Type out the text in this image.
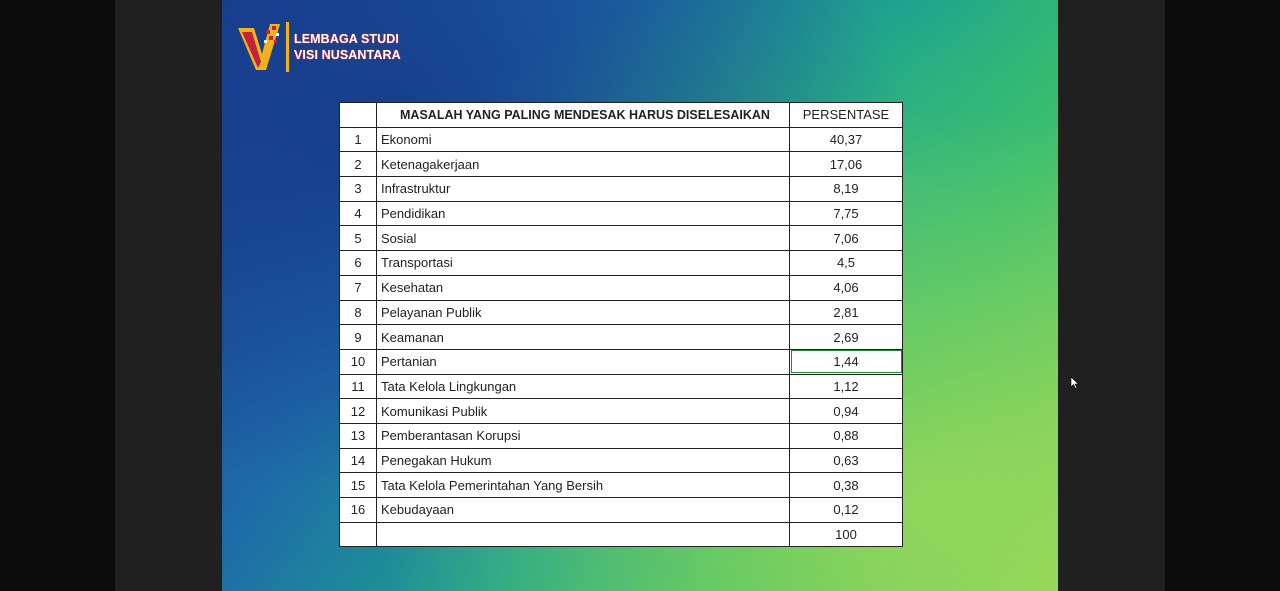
LEMBAGA STUDI
VISI NUSANTARA
	MASALAH YANG PALING MENDESAK HARUS DISELESAIKAN	PERSENTASE
1	Ekonomi	40,37
2	Ketenagakerjaan	17,06
3	Infrastruktur	8,19
4	Pendidikan	7,75
5	Sosial	7,06
6	Transportasi	4,5
7	Kesehatan	4,06
8	Pelayanan Publik	2,81
9	Keamanan	2,69
10	Pertanian	1,44
11	Tata Kelola Lingkungan	1,12
12	Komunikasi Publik	0,94
13	Pemberantasan Korupsi	0,88
14	Penegakan Hukum	0,63
15	Tata Kelola Pemerintahan Yang Bersih	0,38
16	Kebudayaan	0,12
		100
